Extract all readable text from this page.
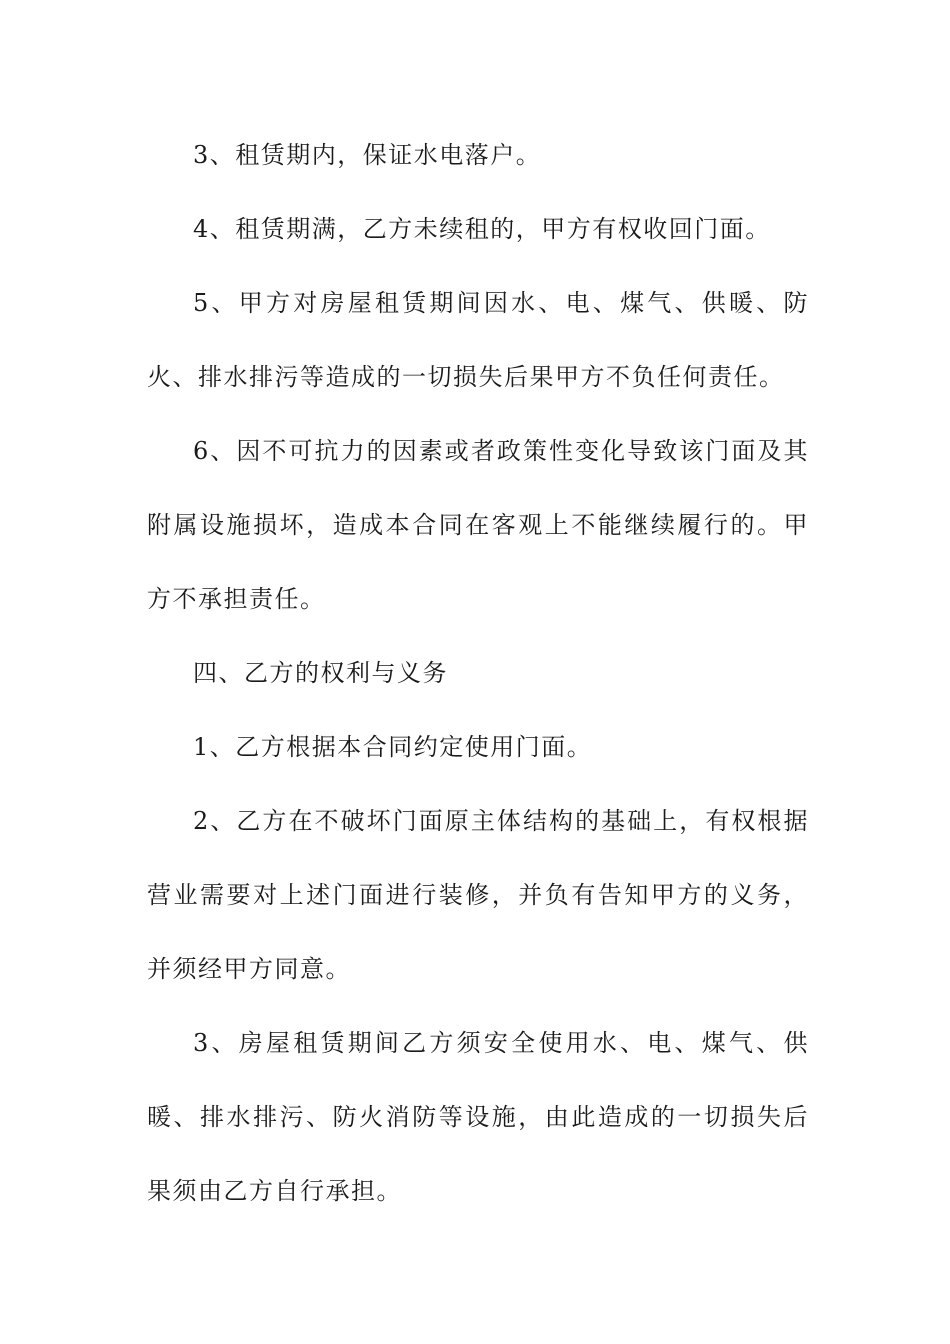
3、租赁期内，保证水电落户。

4、租赁期满，乙方未续租的，甲方有权收回门面。

5、甲方对房屋租赁期间因水、电、煤气、供暖、防火、排水排污等造成的一切损失后果甲方不负任何责任。

6、因不可抗力的因素或者政策性变化导致该门面及其附属设施损坏，造成本合同在客观上不能继续履行的。甲方不承担责任。

四、乙方的权利与义务

1、乙方根据本合同约定使用门面。

2、乙方在不破坏门面原主体结构的基础上，有权根据营业需要对上述门面进行装修，并负有告知甲方的义务，并须经甲方同意。

3、房屋租赁期间乙方须安全使用水、电、煤气、供暖、排水排污、防火消防等设施，由此造成的一切损失后果须由乙方自行承担。
